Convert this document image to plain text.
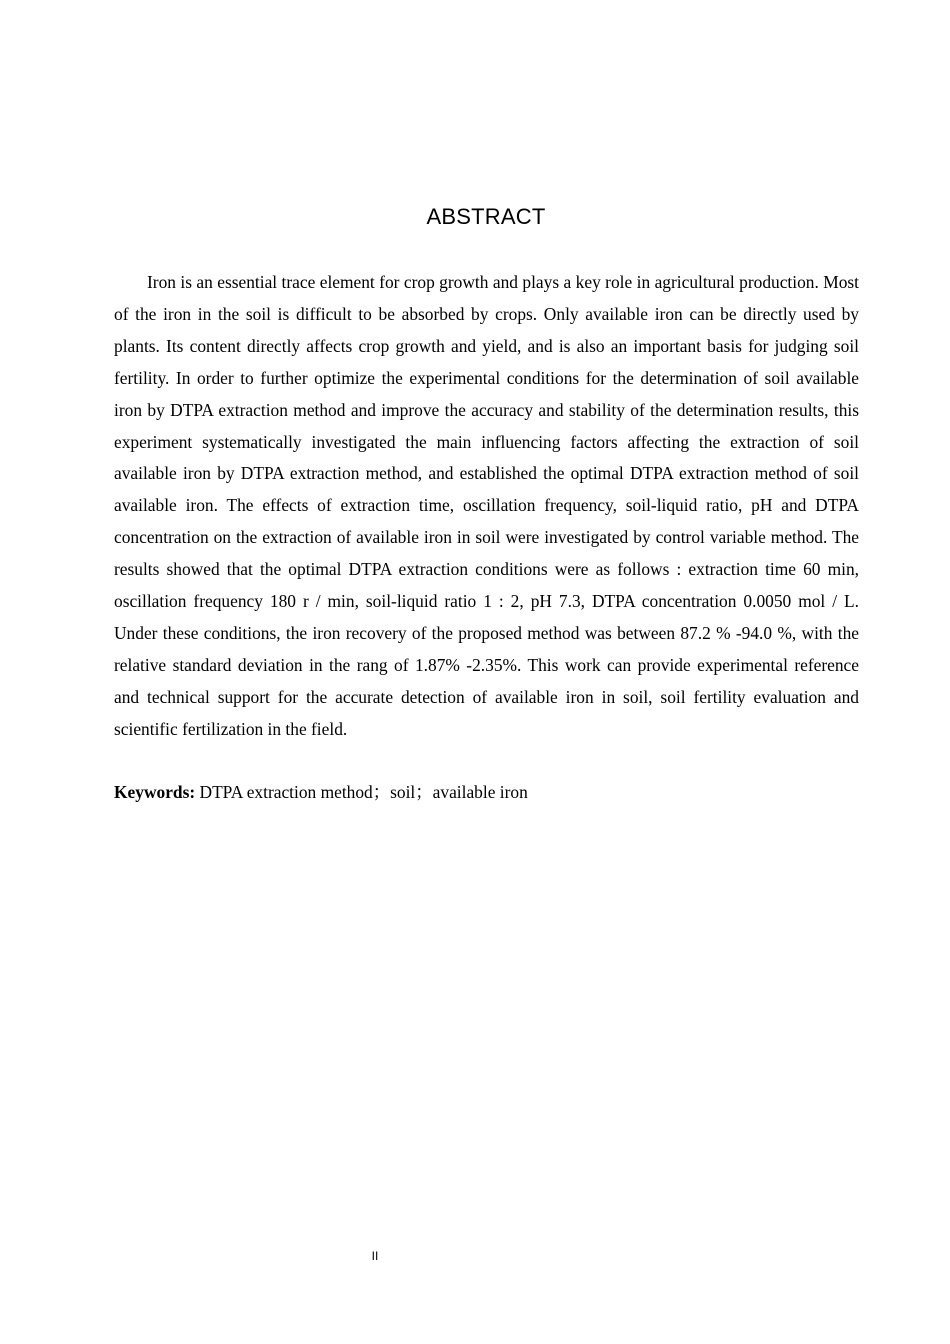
ABSTRACT

Iron is an essential trace element for crop growth and plays a key role in agricultural production. Most of the iron in the soil is difficult to be absorbed by crops. Only available iron can be directly used by plants. Its content directly affects crop growth and yield, and is also an important basis for judging soil fertility. In order to further optimize the experimental conditions for the determination of soil available iron by DTPA extraction method and improve the accuracy and stability of the determination results, this experiment systematically investigated the main influencing factors affecting the extraction of soil available iron by DTPA extraction method, and established the optimal DTPA extraction method of soil available iron. The effects of extraction time, oscillation frequency, soil-liquid ratio, pH and DTPA concentration on the extraction of available iron in soil were investigated by control variable method. The results showed that the optimal DTPA extraction conditions were as follows : extraction time 60 min, oscillation frequency 180 r / min, soil-liquid ratio 1 : 2, pH 7.3, DTPA concentration 0.0050 mol / L. Under these conditions, the iron recovery of the proposed method was between 87.2 % -94.0 %, with the relative standard deviation in the rang of 1.87% -2.35%. This work can provide experimental reference and technical support for the accurate detection of available iron in soil, soil fertility evaluation and scientific fertilization in the field.

Keywords: DTPA extraction method；soil；available iron

II
